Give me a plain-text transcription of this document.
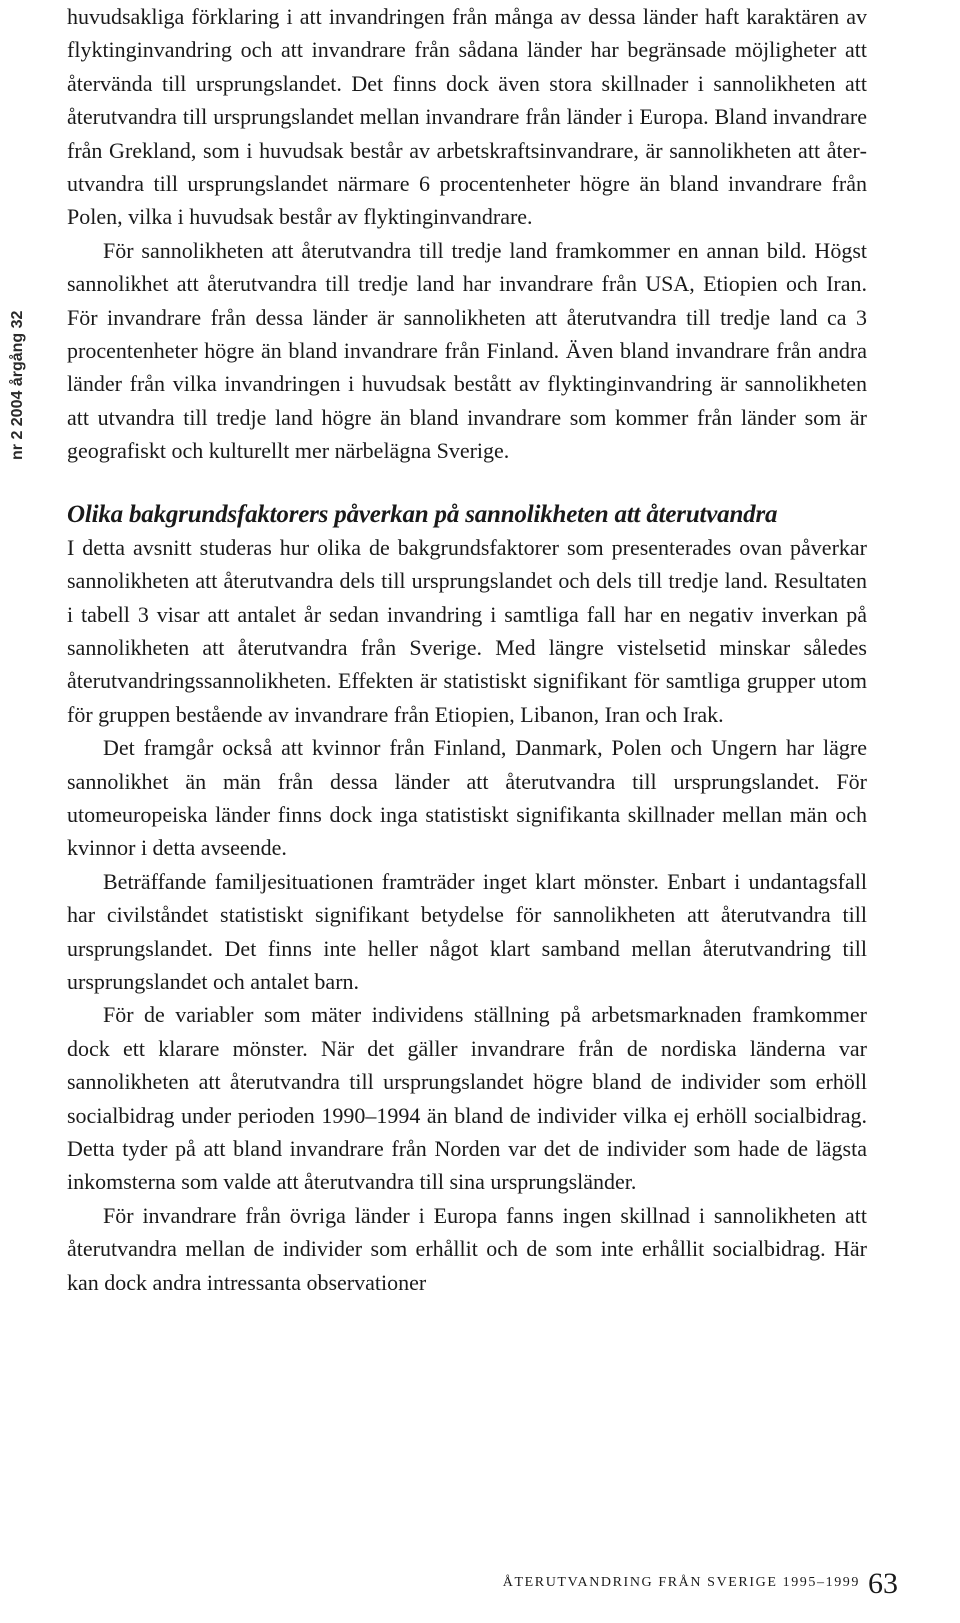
nr 2 2004 årgång 32

huvudsakliga förklaring i att invandringen från många av dessa länder haft karaktären av flyktinginvandring och att invandrare från sådana länder har begränsade möjligheter att återvända till ursprungslandet. Det finns dock även stora skillnader i sannolikheten att återutvandra till ursprungslandet mellan invandrare från länder i Europa. Bland invandrare från Grekland, som i huvudsak består av arbetskraftsinvandrare, är sannolikheten att återutvandra till ursprungslandet närmare 6 procentenheter högre än bland invandrare från Polen, vilka i huvudsak består av flyktinginvandrare.

För sannolikheten att återutvandra till tredje land framkommer en annan bild. Högst sannolikhet att återutvandra till tredje land har invandrare från USA, Etiopien och Iran. För invandrare från dessa länder är sannolikheten att återutvandra till tredje land ca 3 procentenheter högre än bland invandrare från Finland. Även bland invandrare från andra länder från vilka invandringen i huvudsak bestått av flyktinginvandring är sannolikheten att utvandra till tredje land högre än bland invandrare som kommer från länder som är geografiskt och kulturellt mer närbelägna Sverige.

Olika bakgrundsfaktorers påverkan på sannolikheten att återutvandra

I detta avsnitt studeras hur olika de bakgrundsfaktorer som presenterades ovan påverkar sannolikheten att återutvandra dels till ursprungslandet och dels till tredje land. Resultaten i tabell 3 visar att antalet år sedan invandring i samtliga fall har en negativ inverkan på sannolikheten att återutvandra från Sverige. Med längre vistelsetid minskar således återutvandringssannolikheten. Effekten är statistiskt signifikant för samtliga grupper utom för gruppen bestående av invandrare från Etiopien, Libanon, Iran och Irak.

Det framgår också att kvinnor från Finland, Danmark, Polen och Ungern har lägre sannolikhet än män från dessa länder att återutvandra till ursprungslandet. För utomeuropeiska länder finns dock inga statistiskt signifikanta skillnader mellan män och kvinnor i detta avseende.

Beträffande familjesituationen framträder inget klart mönster. Enbart i undantagsfall har civilståndet statistiskt signifikant betydelse för sannolikheten att återutvandra till ursprungslandet. Det finns inte heller något klart samband mellan återutvandring till ursprungslandet och antalet barn.

För de variabler som mäter individens ställning på arbetsmarknaden framkommer dock ett klarare mönster. När det gäller invandrare från de nordiska länderna var sannolikheten att återutvandra till ursprungslandet högre bland de individer som erhöll socialbidrag under perioden 1990–1994 än bland de individer vilka ej erhöll socialbidrag. Detta tyder på att bland invandrare från Norden var det de individer som hade de lägsta inkomsterna som valde att återutvandra till sina ursprungsländer.

För invandrare från övriga länder i Europa fanns ingen skillnad i sannolikheten att återutvandra mellan de individer som erhållit och de som inte erhållit socialbidrag. Här kan dock andra intressanta observationer

ÅTERUTVANDRING FRÅN SVERIGE 1995–1999 63
